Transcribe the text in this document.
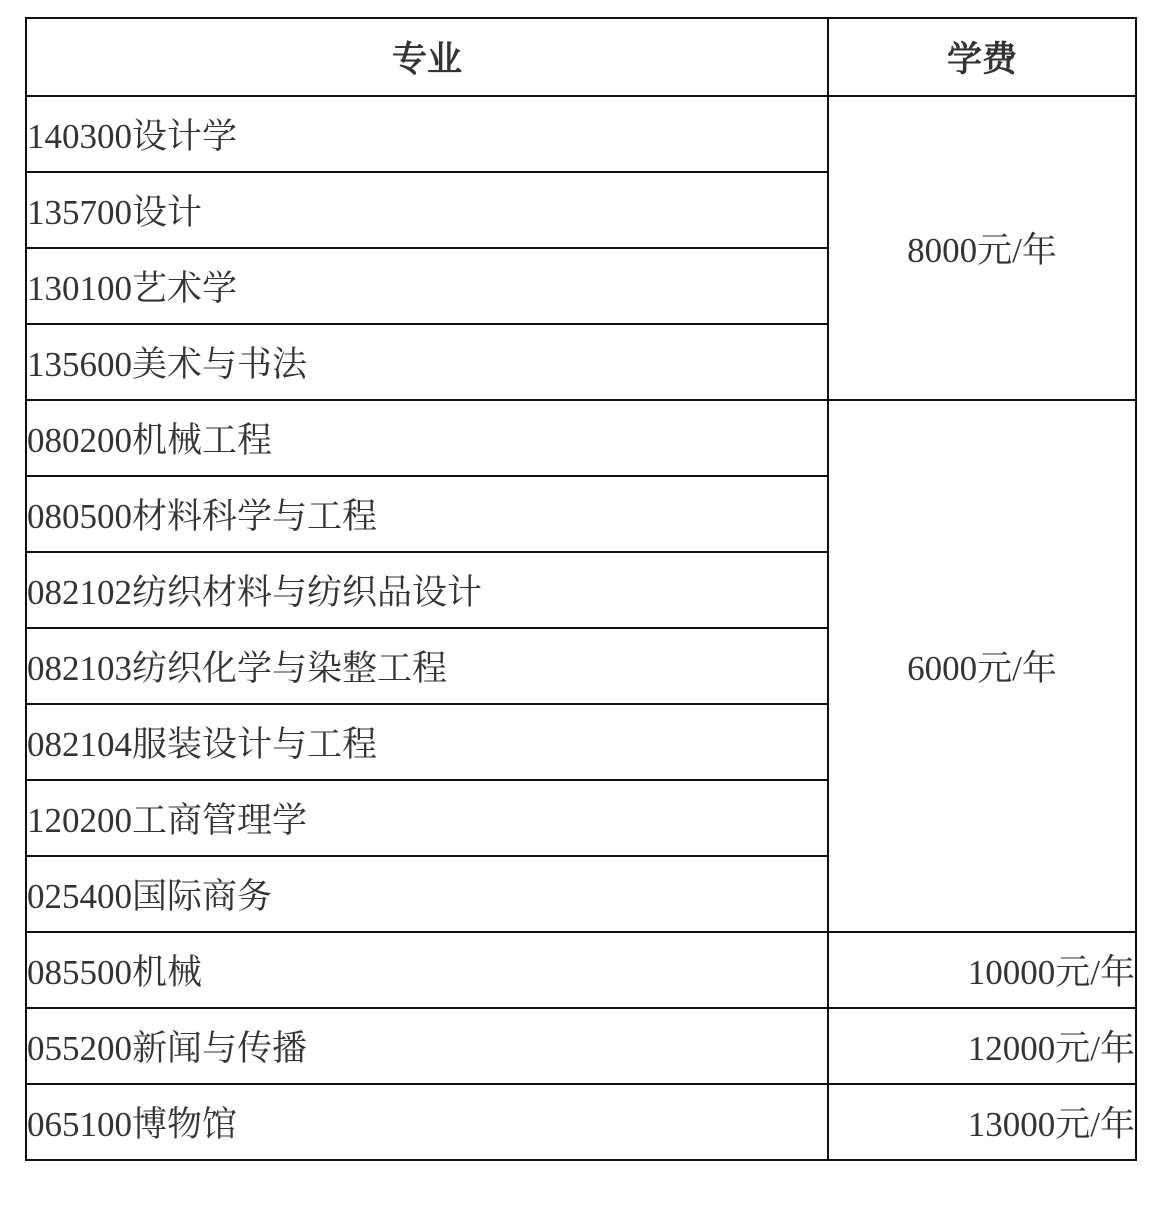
专业	学费
140300设计学	8000元/年
135700设计	
130100艺术学	
135600美术与书法	
080200机械工程	6000元/年
080500材料科学与工程	
082102纺织材料与纺织品设计	
082103纺织化学与染整工程	
082104服装设计与工程	
120200工商管理学	
025400国际商务	
085500机械	10000元/年
055200新闻与传播	12000元/年
065100博物馆	13000元/年
